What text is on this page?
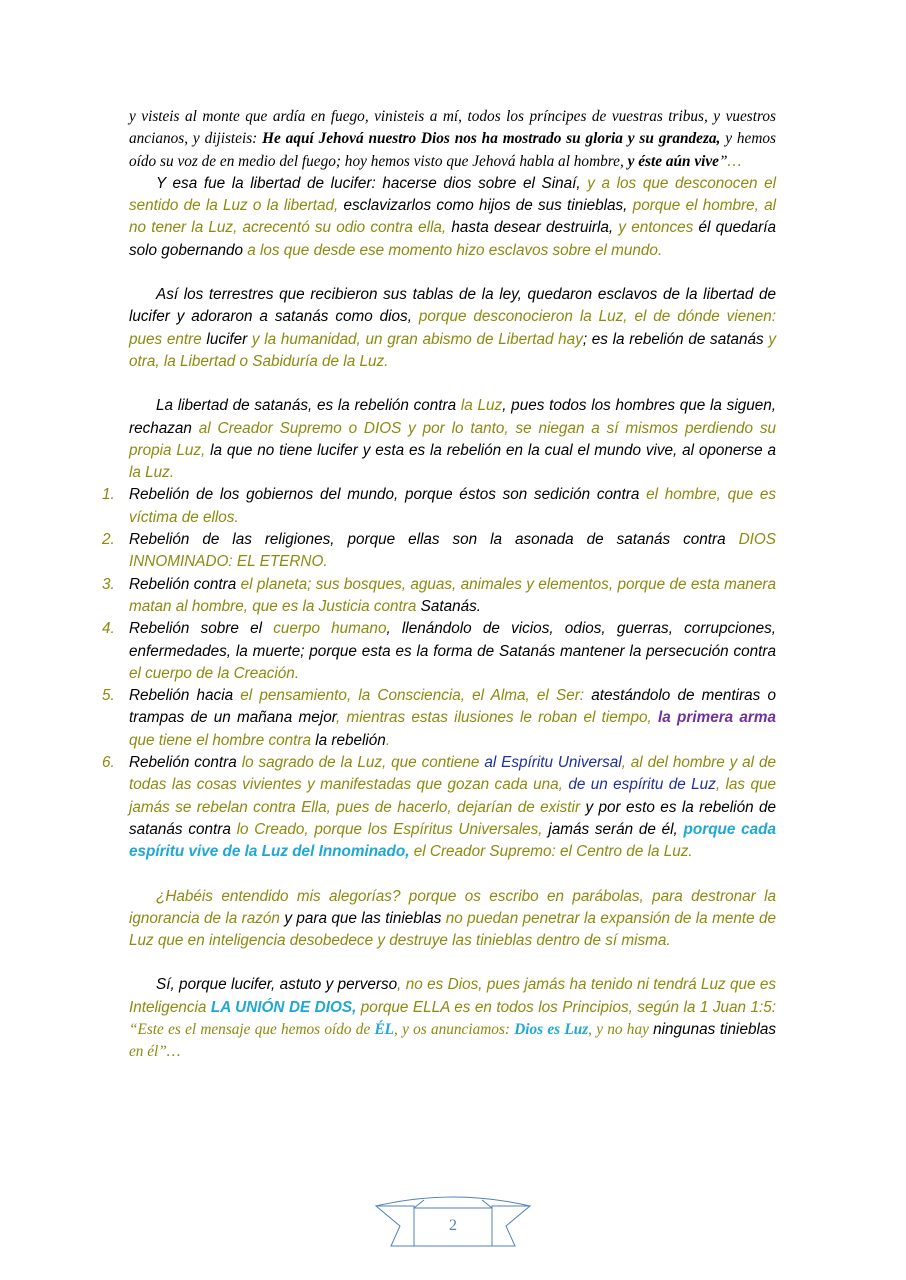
y visteis al monte que ardía en fuego, vinisteis a mí, todos los príncipes de vuestras tribus, y vuestros ancianos, y dijisteis: He aquí Jehová nuestro Dios nos ha mostrado su gloria y su grandeza, y hemos oído su voz de en medio del fuego; hoy hemos visto que Jehová habla al hombre, y éste aún vive”…

Y esa fue la libertad de lucifer: hacerse dios sobre el Sinaí, y a los que desconocen el sentido de la Luz o la libertad, esclavizarlos como hijos de sus tinieblas, porque el hombre, al no tener la Luz, acrecentó su odio contra ella, hasta desear destruirla, y entonces él quedaría solo gobernando a los que desde ese momento hizo esclavos sobre el mundo.

Así los terrestres que recibieron sus tablas de la ley, quedaron esclavos de la libertad de lucifer y adoraron a satanás como dios, porque desconocieron la Luz, el de dónde vienen: pues entre lucifer y la humanidad, un gran abismo de Libertad hay; es la rebelión de satanás y otra, la Libertad o Sabiduría de la Luz.

La libertad de satanás, es la rebelión contra la Luz, pues todos los hombres que la siguen, rechazan al Creador Supremo o DIOS y por lo tanto, se niegan a sí mismos perdiendo su propia Luz, la que no tiene lucifer y esta es la rebelión en la cual el mundo vive, al oponerse a la Luz.

1. Rebelión de los gobiernos del mundo, porque éstos son sedición contra el hombre, que es víctima de ellos.
2. Rebelión de las religiones, porque ellas son la asonada de satanás contra DIOS INNOMINADO: EL ETERNO.
3. Rebelión contra el planeta; sus bosques, aguas, animales y elementos, porque de esta manera matan al hombre, que es la Justicia contra Satanás.
4. Rebelión sobre el cuerpo humano, llenándolo de vicios, odios, guerras, corrupciones, enfermedades, la muerte; porque esta es la forma de Satanás mantener la persecución contra el cuerpo de la Creación.
5. Rebelión hacia el pensamiento, la Consciencia, el Alma, el Ser: atestándolo de mentiras o trampas de un mañana mejor, mientras estas ilusiones le roban el tiempo, la primera arma que tiene el hombre contra la rebelión.
6. Rebelión contra lo sagrado de la Luz, que contiene al Espíritu Universal, al del hombre y al de todas las cosas vivientes y manifestadas que gozan cada una, de un espíritu de Luz, las que jamás se rebelan contra Ella, pues de hacerlo, dejarían de existir y por esto es la rebelión de satanás contra lo Creado, porque los Espíritus Universales, jamás serán de él, porque cada espíritu vive de la Luz del Innominado, el Creador Supremo: el Centro de la Luz.

¿Habéis entendido mis alegorías? porque os escribo en parábolas, para destronar la ignorancia de la razón y para que las tinieblas no puedan penetrar la expansión de la mente de Luz que en inteligencia desobedece y destruye las tinieblas dentro de sí misma.

Sí, porque lucifer, astuto y perverso, no es Dios, pues jamás ha tenido ni tendrá Luz que es Inteligencia LA UNIÓN DE DIOS, porque ELLA es en todos los Principios, según la 1 Juan 1:5: “Este es el mensaje que hemos oído de ÉL, y os anunciamos: Dios es Luz, y no hay ningunas tinieblas en él”…

2
